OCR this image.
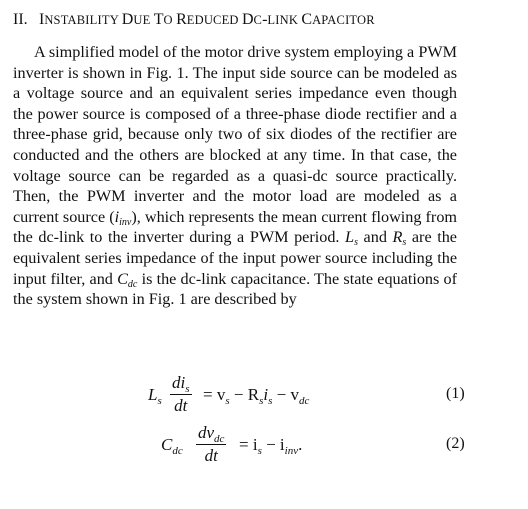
II. INSTABILITY DUE TO REDUCED DC-LINK CAPACITOR
A simplified model of the motor drive system employing a PWM inverter is shown in Fig. 1. The input side source can be modeled as a voltage source and an equivalent series impedance even though the power source is composed of a three-phase diode rectifier and a three-phase grid, because only two of six diodes of the rectifier are conducted and the others are blocked at any time. In that case, the voltage source can be regarded as a quasi-dc source practically. Then, the PWM inverter and the motor load are modeled as a current source $(i_{inv})$, which represents the mean current flowing from the dc-link to the inverter during a PWM period. $L_s$ and $R_s$ are the equivalent series impedance of the input power source including the input filter, and $C_{dc}$ is the dc-link capacitance. The state equations of the system shown in Fig. 1 are described by
$L_s$
$di_s$
dt
= $v_s - R_si_s - v_{dc}$	(1)
$C_{dc}$
$dv_{dc}$
dt
= $i_s - i_{inv}$.	(2)
